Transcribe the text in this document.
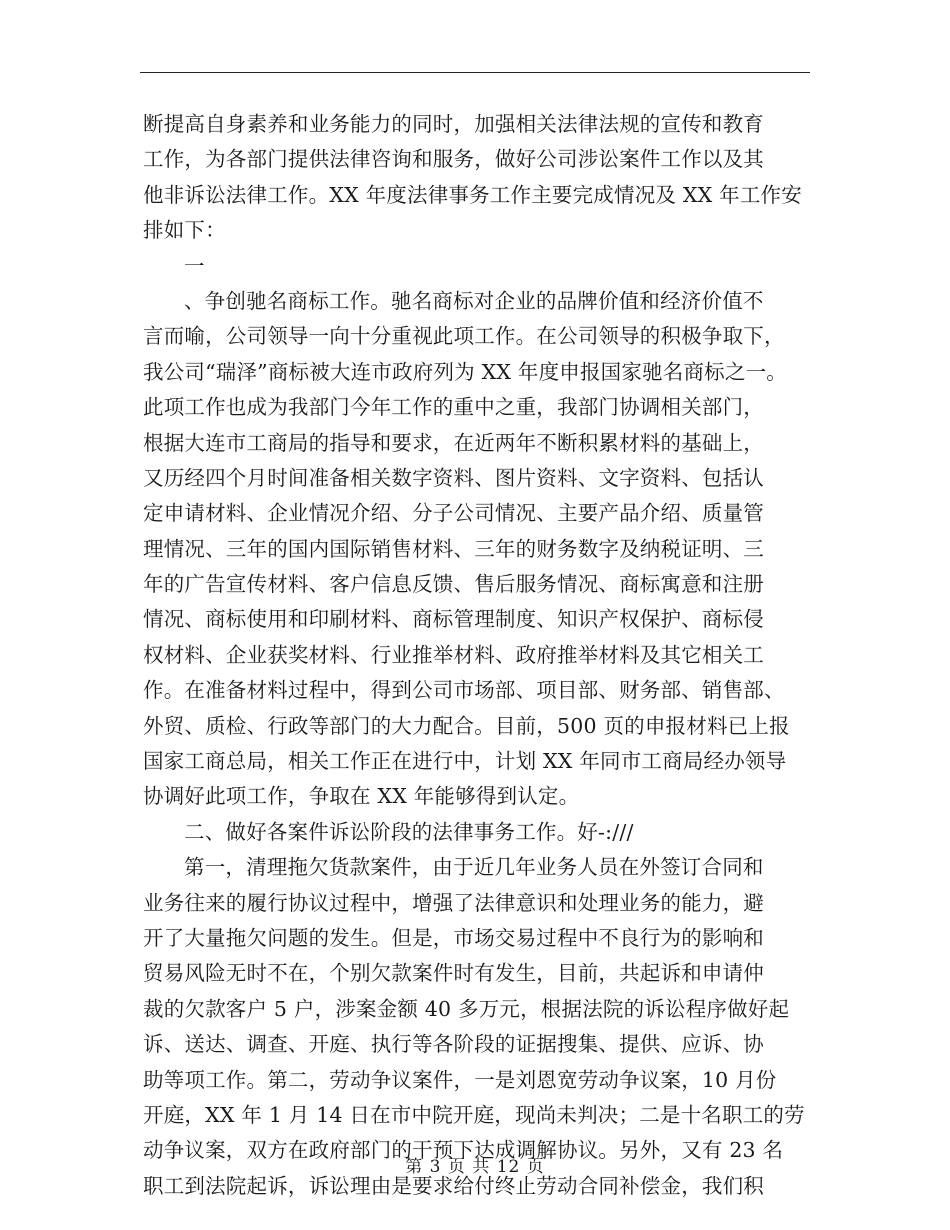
断提高自身素养和业务能力的同时，加强相关法律法规的宣传和教育
工作，为各部门提供法律咨询和服务，做好公司涉讼案件工作以及其
他非诉讼法律工作。XX 年度法律事务工作主要完成情况及 XX 年工作安
排如下：
一
、争创驰名商标工作。驰名商标对企业的品牌价值和经济价值不
言而喻，公司领导一向十分重视此项工作。在公司领导的积极争取下，
我公司“瑞泽”商标被大连市政府列为 XX 年度申报国家驰名商标之一。
此项工作也成为我部门今年工作的重中之重，我部门协调相关部门，
根据大连市工商局的指导和要求，在近两年不断积累材料的基础上，
又历经四个月时间准备相关数字资料、图片资料、文字资料、包括认
定申请材料、企业情况介绍、分子公司情况、主要产品介绍、质量管
理情况、三年的国内国际销售材料、三年的财务数字及纳税证明、三
年的广告宣传材料、客户信息反馈、售后服务情况、商标寓意和注册
情况、商标使用和印刷材料、商标管理制度、知识产权保护、商标侵
权材料、企业获奖材料、行业推举材料、政府推举材料及其它相关工
作。在准备材料过程中，得到公司市场部、项目部、财务部、销售部、
外贸、质检、行政等部门的大力配合。目前，500 页的申报材料已上报
国家工商总局，相关工作正在进行中，计划 XX 年同市工商局经办领导
协调好此项工作，争取在 XX 年能够得到认定。
二、做好各案件诉讼阶段的法律事务工作。好-:///
第一，清理拖欠货款案件，由于近几年业务人员在外签订合同和
业务往来的履行协议过程中，增强了法律意识和处理业务的能力，避
开了大量拖欠问题的发生。但是，市场交易过程中不良行为的影响和
贸易风险无时不在，个别欠款案件时有发生，目前，共起诉和申请仲
裁的欠款客户 5 户，涉案金额 40 多万元，根据法院的诉讼程序做好起
诉、送达、调查、开庭、执行等各阶段的证据搜集、提供、应诉、协
助等项工作。第二，劳动争议案件，一是刘恩宽劳动争议案，10 月份
开庭，XX 年 1 月 14 日在市中院开庭，现尚未判决；二是十名职工的劳
动争议案，双方在政府部门的干预下达成调解协议。另外，又有 23 名
职工到法院起诉，诉讼理由是要求给付终止劳动合同补偿金，我们积
第 3 页 共 12 页
